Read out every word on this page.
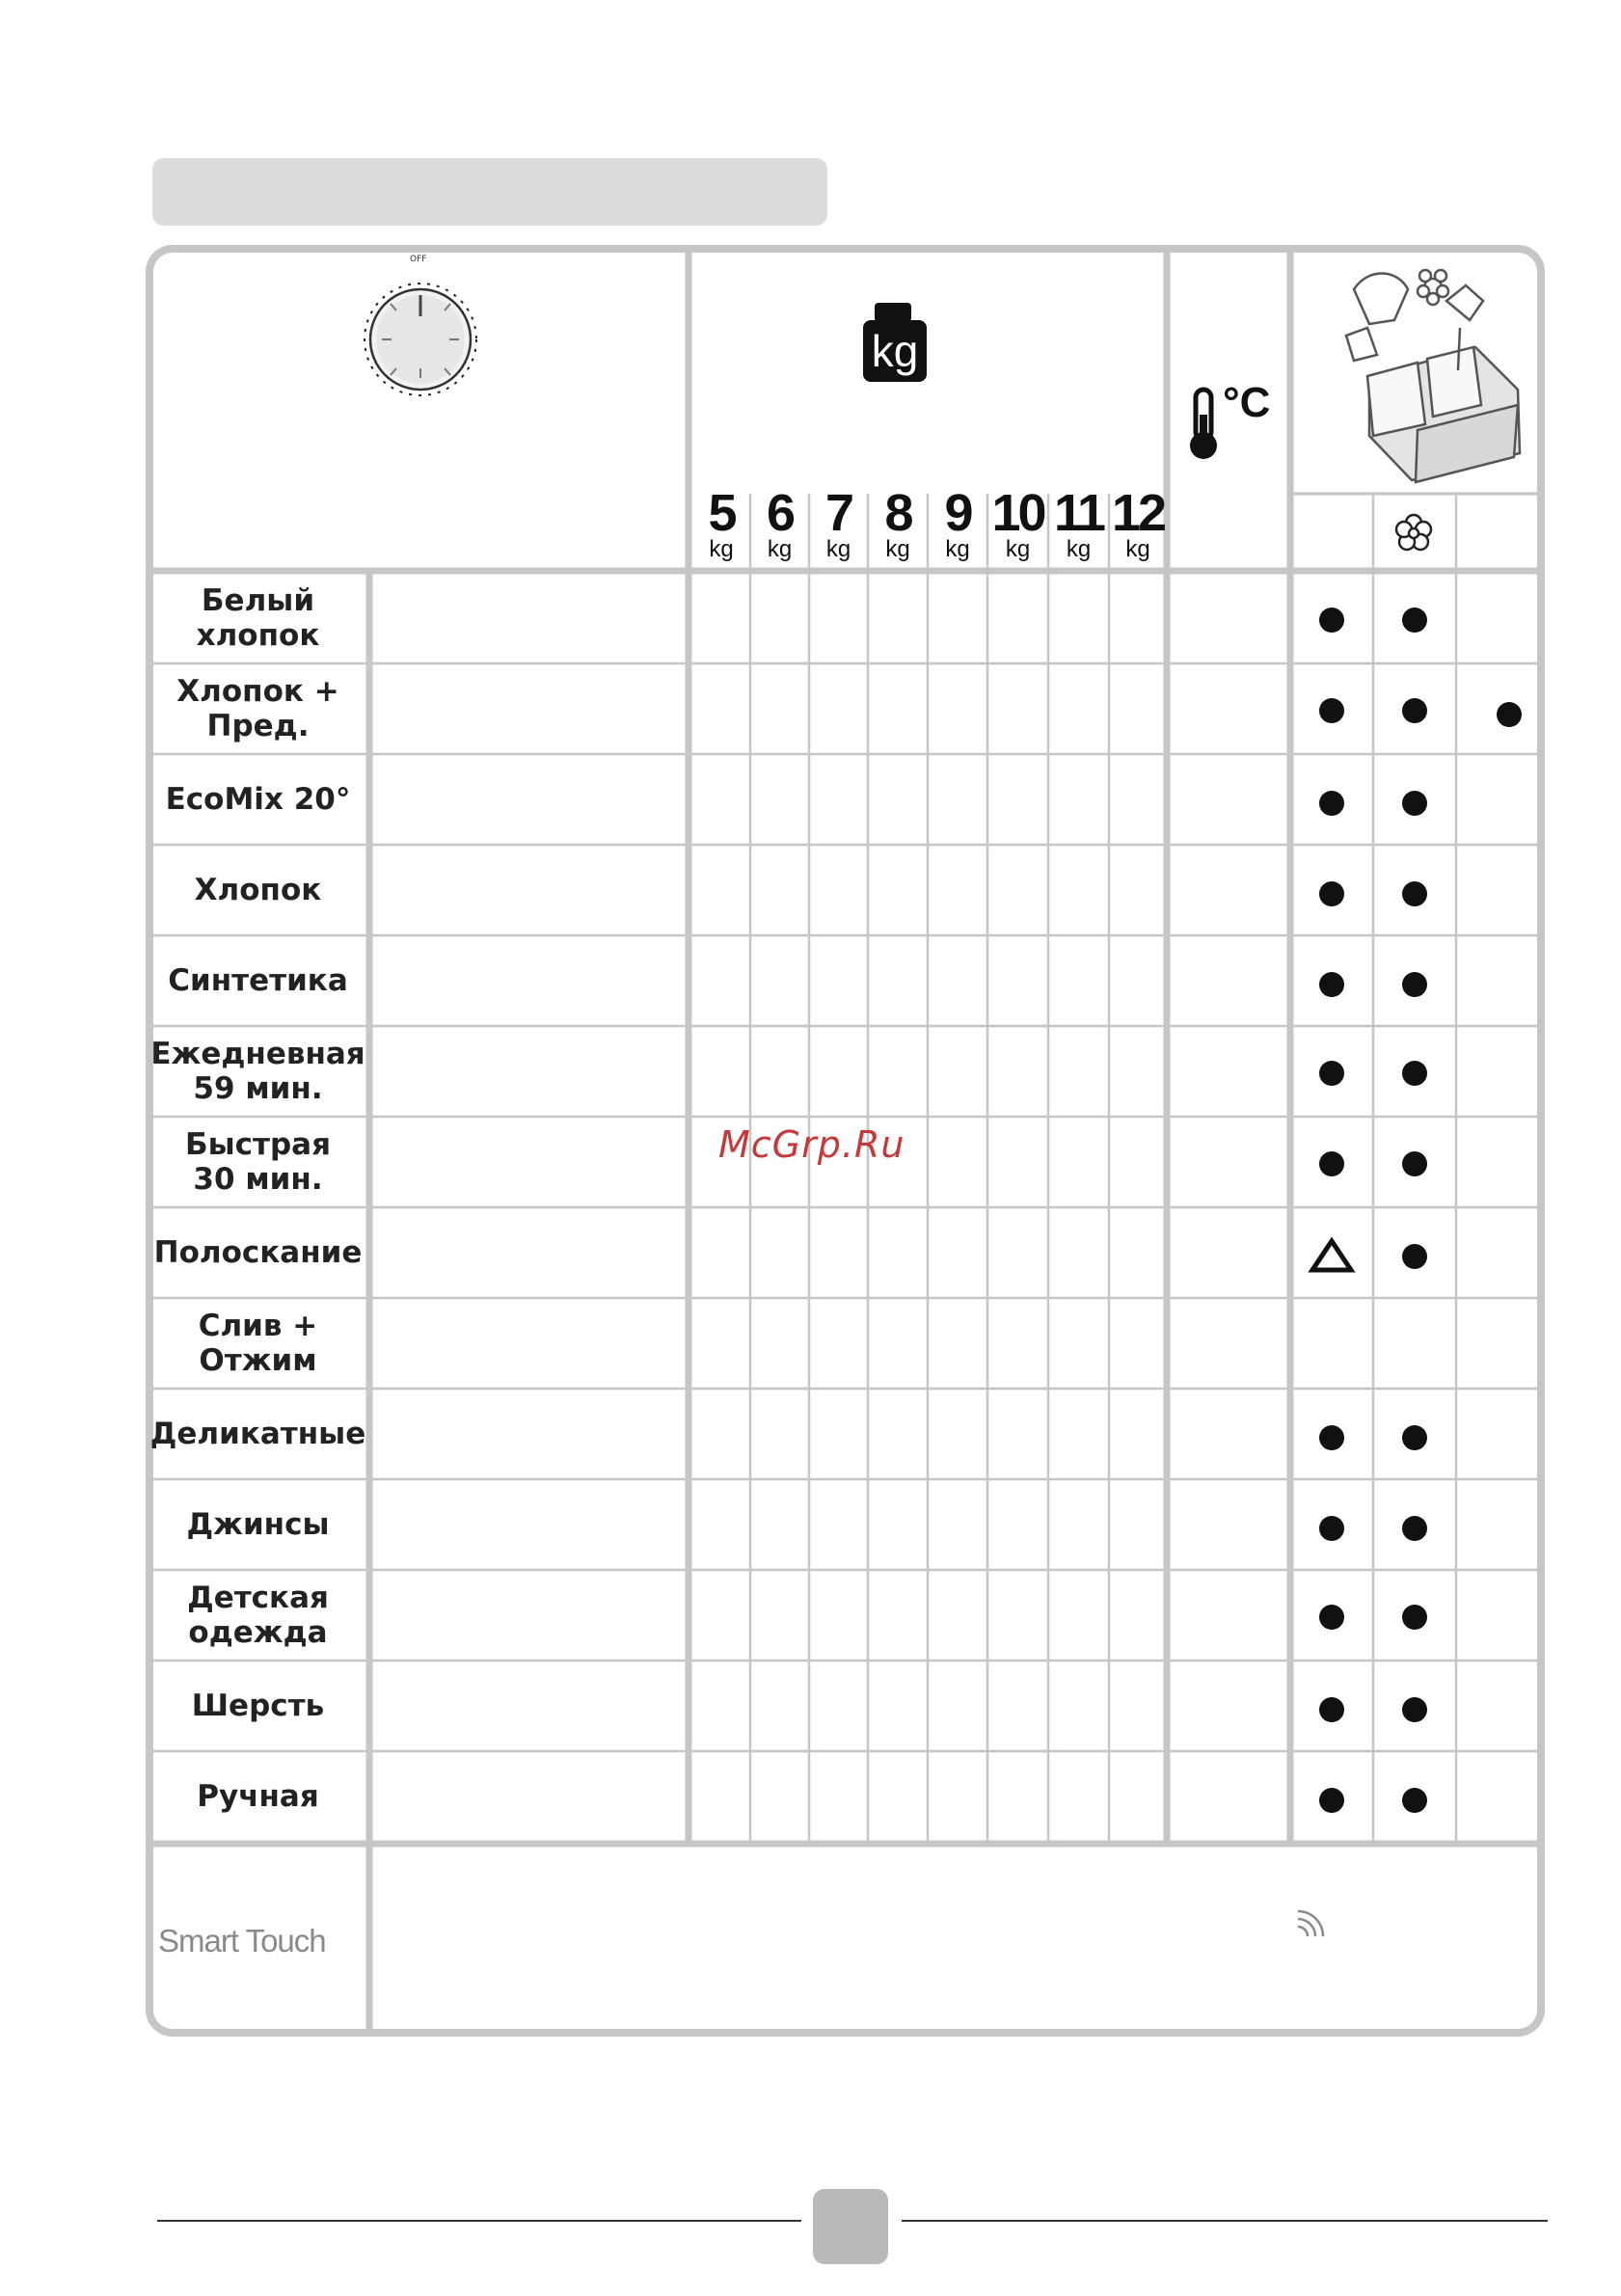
OFF
kg
°C
5
kg
6
kg
7
kg
8
kg
9
kg
10
kg
11
kg
12
kg
Белый
хлопок
Хлопок +
Пред.
EcoMix 20°
Хлопок
Синтетика
Ежедневная
59 мин.
Быстрая
30 мин.
Полоскание
Слив +
Отжим
Деликатные
Джинсы
Детская
одежда
Шерсть
Ручная
Smart Touch
McGrp.Ru
